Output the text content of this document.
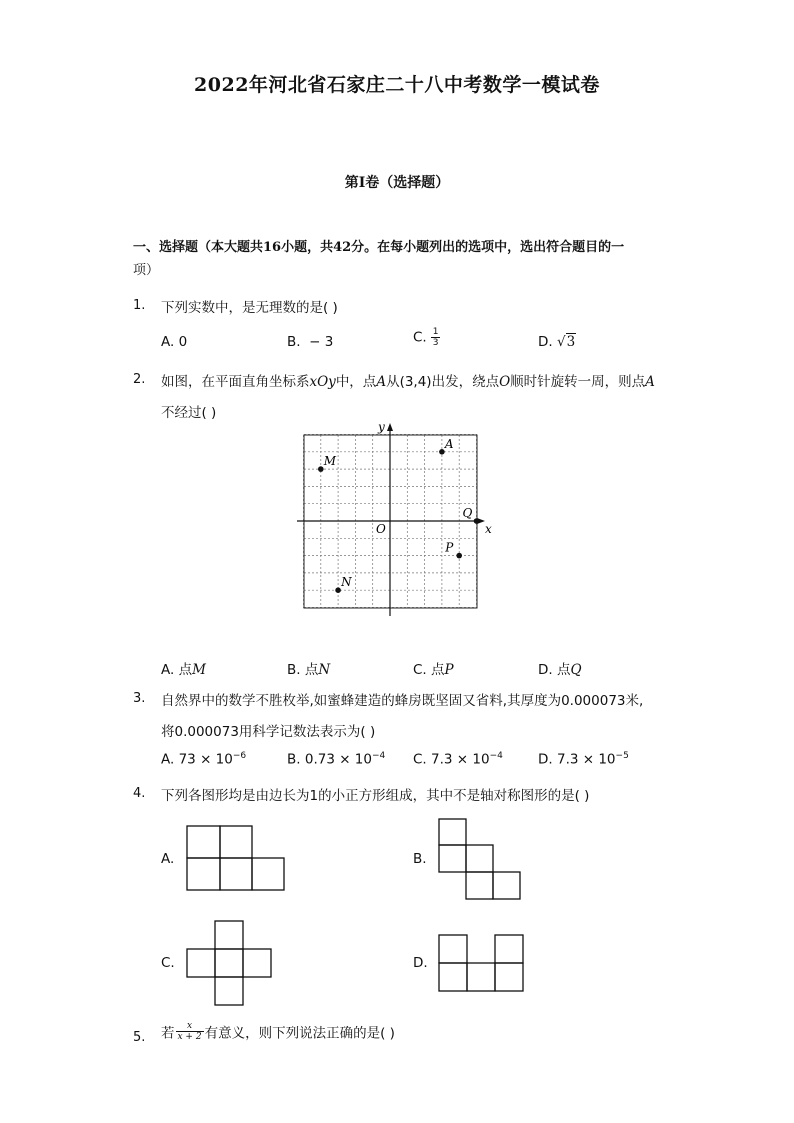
2022年河北省石家庄二十八中考数学一模试卷
第I卷（选择题）
一、选择题（本大题共16小题，共42分。在每小题列出的选项中，选出符合题目的一
项）
1. 下列实数中，是无理数的是( )
A. 0	B. − 3	C. $\frac{1}{3}$	D. √3
2. 如图，在平面直角坐标系xOy中，点A从(3,4)出发，绕点O顺时针旋转一周，则点A
不经过( )
y
x
O
A
M
Q
P
N
A. 点M	B. 点N	C. 点P	D. 点Q
3. 自然界中的数学不胜枚举,如蜜蜂建造的蜂房既坚固又省料,其厚度为0.000073米,
将0.000073用科学记数法表示为( )
A. $73 \times 10^{-6}$	B. $0.73 \times 10^{-4}$ C. $7.3 \times 10^{-4}$	D. $7.3 \times 10^{-5}$
4. 下列各图形均是由边长为1的小正方形组成，其中不是轴对称图形的是( )
A.	B.
C.	D.
5. 若 $\frac{x}{x + 2}$ 有意义，则下列说法正确的是( )
